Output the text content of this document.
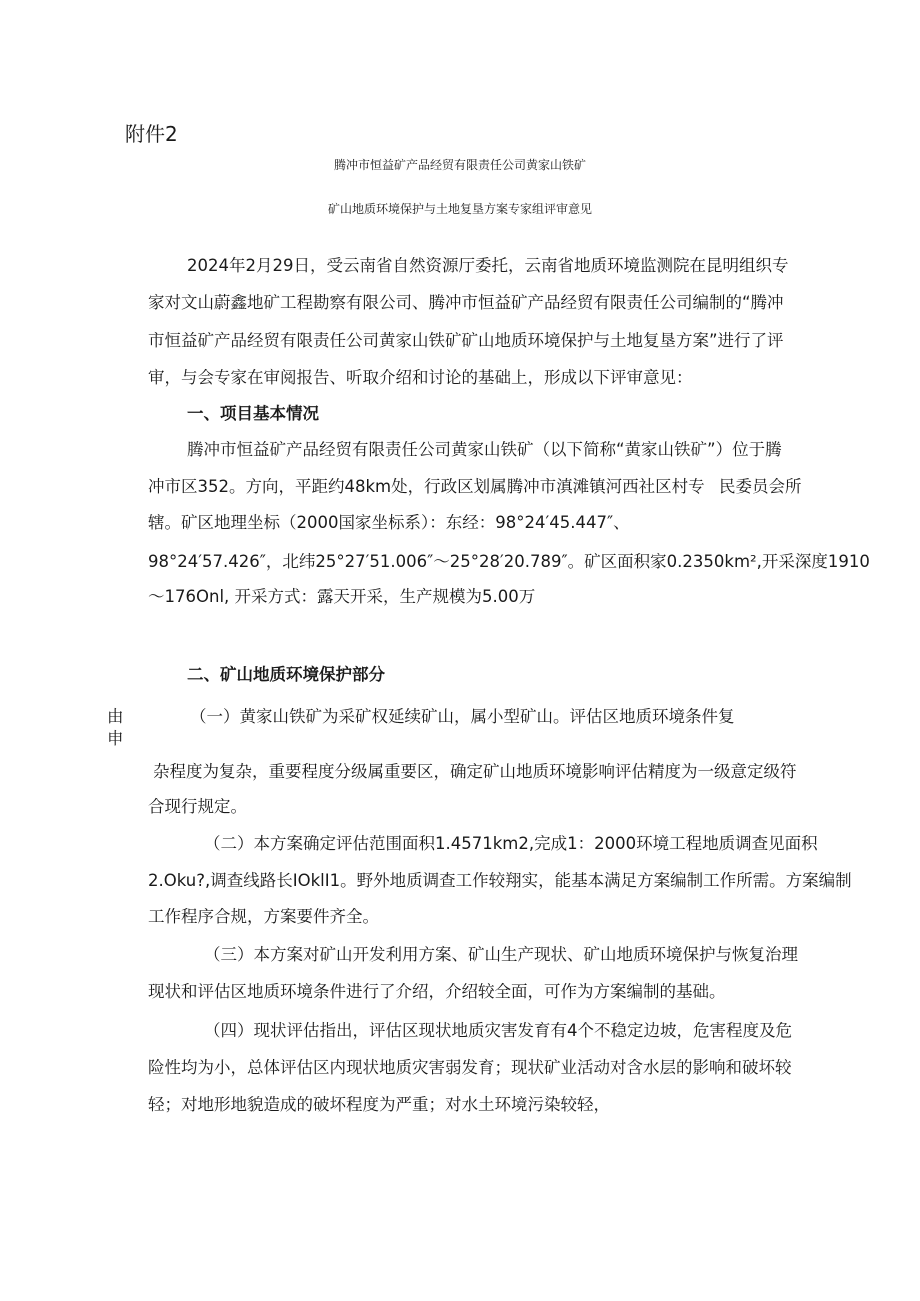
附件2
腾冲市恒益矿产品经贸有限责任公司黄家山铁矿
矿山地质环境保护与土地复垦方案专家组评审意见
2024年2月29日，受云南省自然资源厅委托，云南省地质环境监测院在昆明组织专
家对文山蔚鑫地矿工程勘察有限公司、腾冲市恒益矿产品经贸有限责任公司编制的“腾冲
市恒益矿产品经贸有限责任公司黄家山铁矿矿山地质环境保护与土地复垦方案”进行了评
审，与会专家在审阅报告、听取介绍和讨论的基础上，形成以下评审意见：
一、项目基本情况
腾冲市恒益矿产品经贸有限责任公司黄家山铁矿（以下简称“黄家山铁矿”）位于腾
冲市区352。方向，平距约48km处，行政区划属腾冲市滇滩镇河西社区村专 民委员会所
辖。矿区地理坐标（2000国家坐标系）：东经：98°24′45.447″、
98°24′57.426″，北纬25°27′51.006″～25°28′20.789″。矿区面积家0.2350km²,开采深度1910
～176Onl, 开采方式：露天开采，生产规模为5.00万
二、矿山地质环境保护部分
由
申
（一）黄家山铁矿为采矿权延续矿山，属小型矿山。评估区地质环境条件复
杂程度为复杂，重要程度分级属重要区，确定矿山地质环境影响评估精度为一级意定级符
合现行规定。
（二）本方案确定评估范围面积1.4571km2,完成1：2000环境工程地质调查见面积
2.Oku?,调查线路长IOklI1。野外地质调查工作较翔实，能基本满足方案编制工作所需。方案编制
工作程序合规，方案要件齐全。
（三）本方案对矿山开发利用方案、矿山生产现状、矿山地质环境保护与恢复治理
现状和评估区地质环境条件进行了介绍，介绍较全面，可作为方案编制的基础。
（四）现状评估指出，评估区现状地质灾害发育有4个不稳定边坡，危害程度及危
险性均为小，总体评估区内现状地质灾害弱发育；现状矿业活动对含水层的影响和破坏较
轻；对地形地貌造成的破坏程度为严重；对水土环境污染较轻，
